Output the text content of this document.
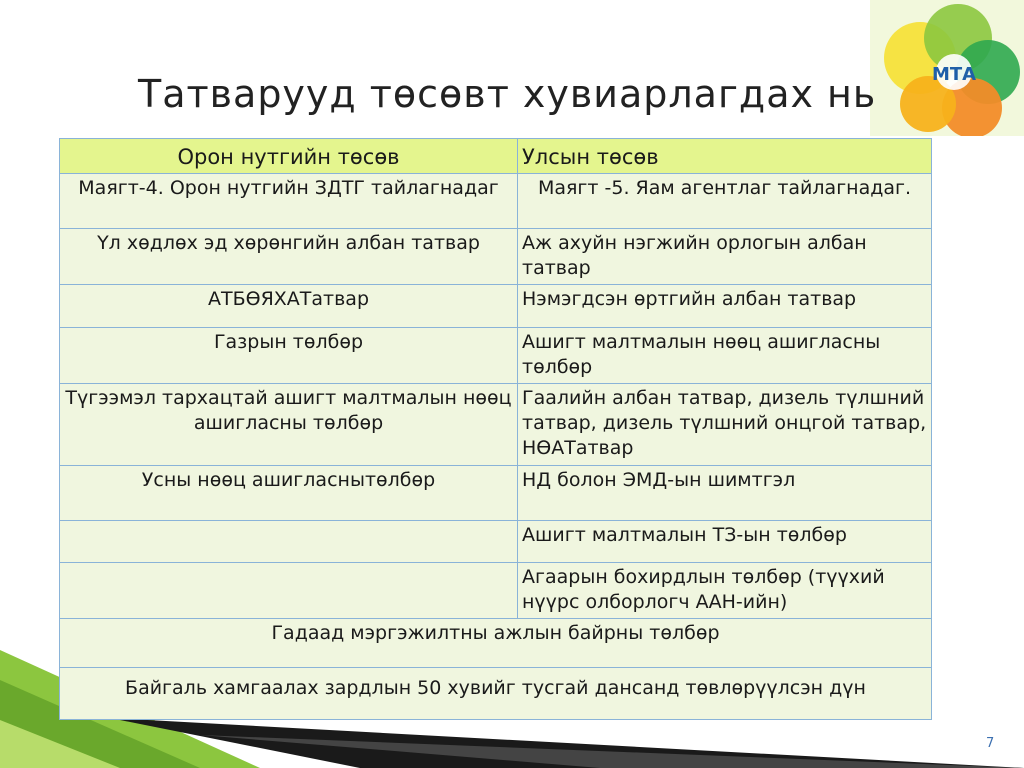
МТА
Татварууд төсөвт хувиарлагдах нь
Орон нутгийн төсөв	Улсын төсөв
Маягт-4. Орон нутгийн ЗДТГ тайлагнадаг	Маягт -5. Яам агентлаг тайлагнадаг.
Үл хөдлөх эд хөрөнгийн албан татвар	Аж ахуйн нэгжийн орлогын албан татвар
АТБӨЯХАТатвар	Нэмэгдсэн өртгийн албан татвар
Газрын төлбөр	Ашигт малтмалын нөөц ашигласны төлбөр
Түгээмэл тархацтай ашигт малтмалын нөөц ашигласны төлбөр	Гаалийн албан татвар, дизель түлшний татвар, дизель түлшний онцгой татвар, НӨАТатвар
Усны нөөц ашигласнытөлбөр	НД болон ЭМД-ын шимтгэл
	Ашигт малтмалын ТЗ-ын төлбөр
	Агаарын бохирдлын төлбөр (түүхий нүүрс олборлогч ААН-ийн)
Гадаад мэргэжилтны ажлын байрны төлбөр	
Байгаль хамгаалах зардлын 50 хувийг тусгай дансанд төвлөрүүлсэн дүн	
7
